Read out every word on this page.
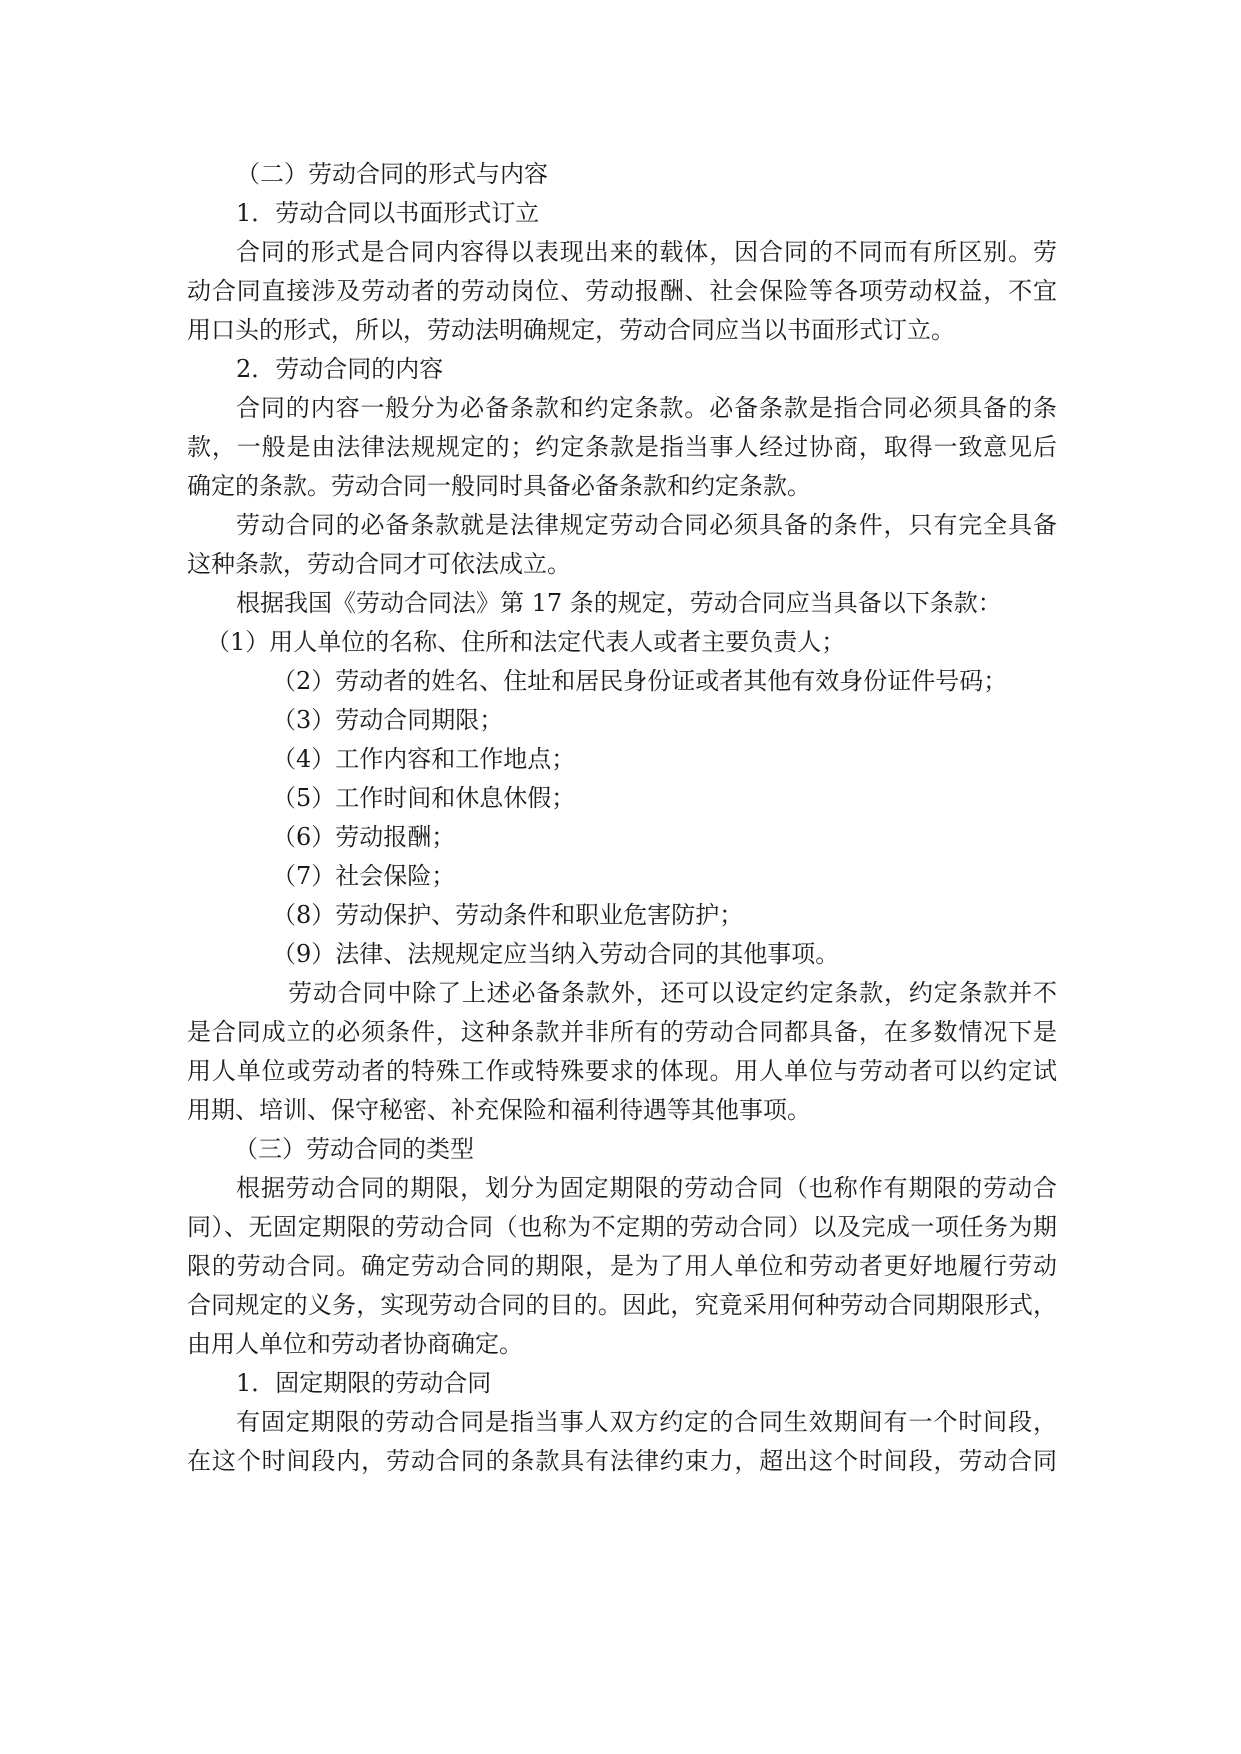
（二）劳动合同的形式与内容
1．劳动合同以书面形式订立
合同的形式是合同内容得以表现出来的载体，因合同的不同而有所区别。劳
动合同直接涉及劳动者的劳动岗位、劳动报酬、社会保险等各项劳动权益，不宜
用口头的形式，所以，劳动法明确规定，劳动合同应当以书面形式订立。
2．劳动合同的内容
合同的内容一般分为必备条款和约定条款。必备条款是指合同必须具备的条
款，一般是由法律法规规定的；约定条款是指当事人经过协商，取得一致意见后
确定的条款。劳动合同一般同时具备必备条款和约定条款。
劳动合同的必备条款就是法律规定劳动合同必须具备的条件，只有完全具备
这种条款，劳动合同才可依法成立。
根据我国《劳动合同法》第 17 条的规定，劳动合同应当具备以下条款：
（1）用人单位的名称、住所和法定代表人或者主要负责人；
（2）劳动者的姓名、住址和居民身份证或者其他有效身份证件号码；
（3）劳动合同期限；
（4）工作内容和工作地点；
（5）工作时间和休息休假；
（6）劳动报酬；
（7）社会保险；
（8）劳动保护、劳动条件和职业危害防护；
（9）法律、法规规定应当纳入劳动合同的其他事项。
劳动合同中除了上述必备条款外，还可以设定约定条款，约定条款并不
是合同成立的必须条件，这种条款并非所有的劳动合同都具备，在多数情况下是
用人单位或劳动者的特殊工作或特殊要求的体现。用人单位与劳动者可以约定试
用期、培训、保守秘密、补充保险和福利待遇等其他事项。
（三）劳动合同的类型
根据劳动合同的期限，划分为固定期限的劳动合同（也称作有期限的劳动合
同）、无固定期限的劳动合同（也称为不定期的劳动合同）以及完成一项任务为期
限的劳动合同。确定劳动合同的期限，是为了用人单位和劳动者更好地履行劳动
合同规定的义务，实现劳动合同的目的。因此，究竟采用何种劳动合同期限形式，
由用人单位和劳动者协商确定。
1．固定期限的劳动合同
有固定期限的劳动合同是指当事人双方约定的合同生效期间有一个时间段，
在这个时间段内，劳动合同的条款具有法律约束力，超出这个时间段，劳动合同
